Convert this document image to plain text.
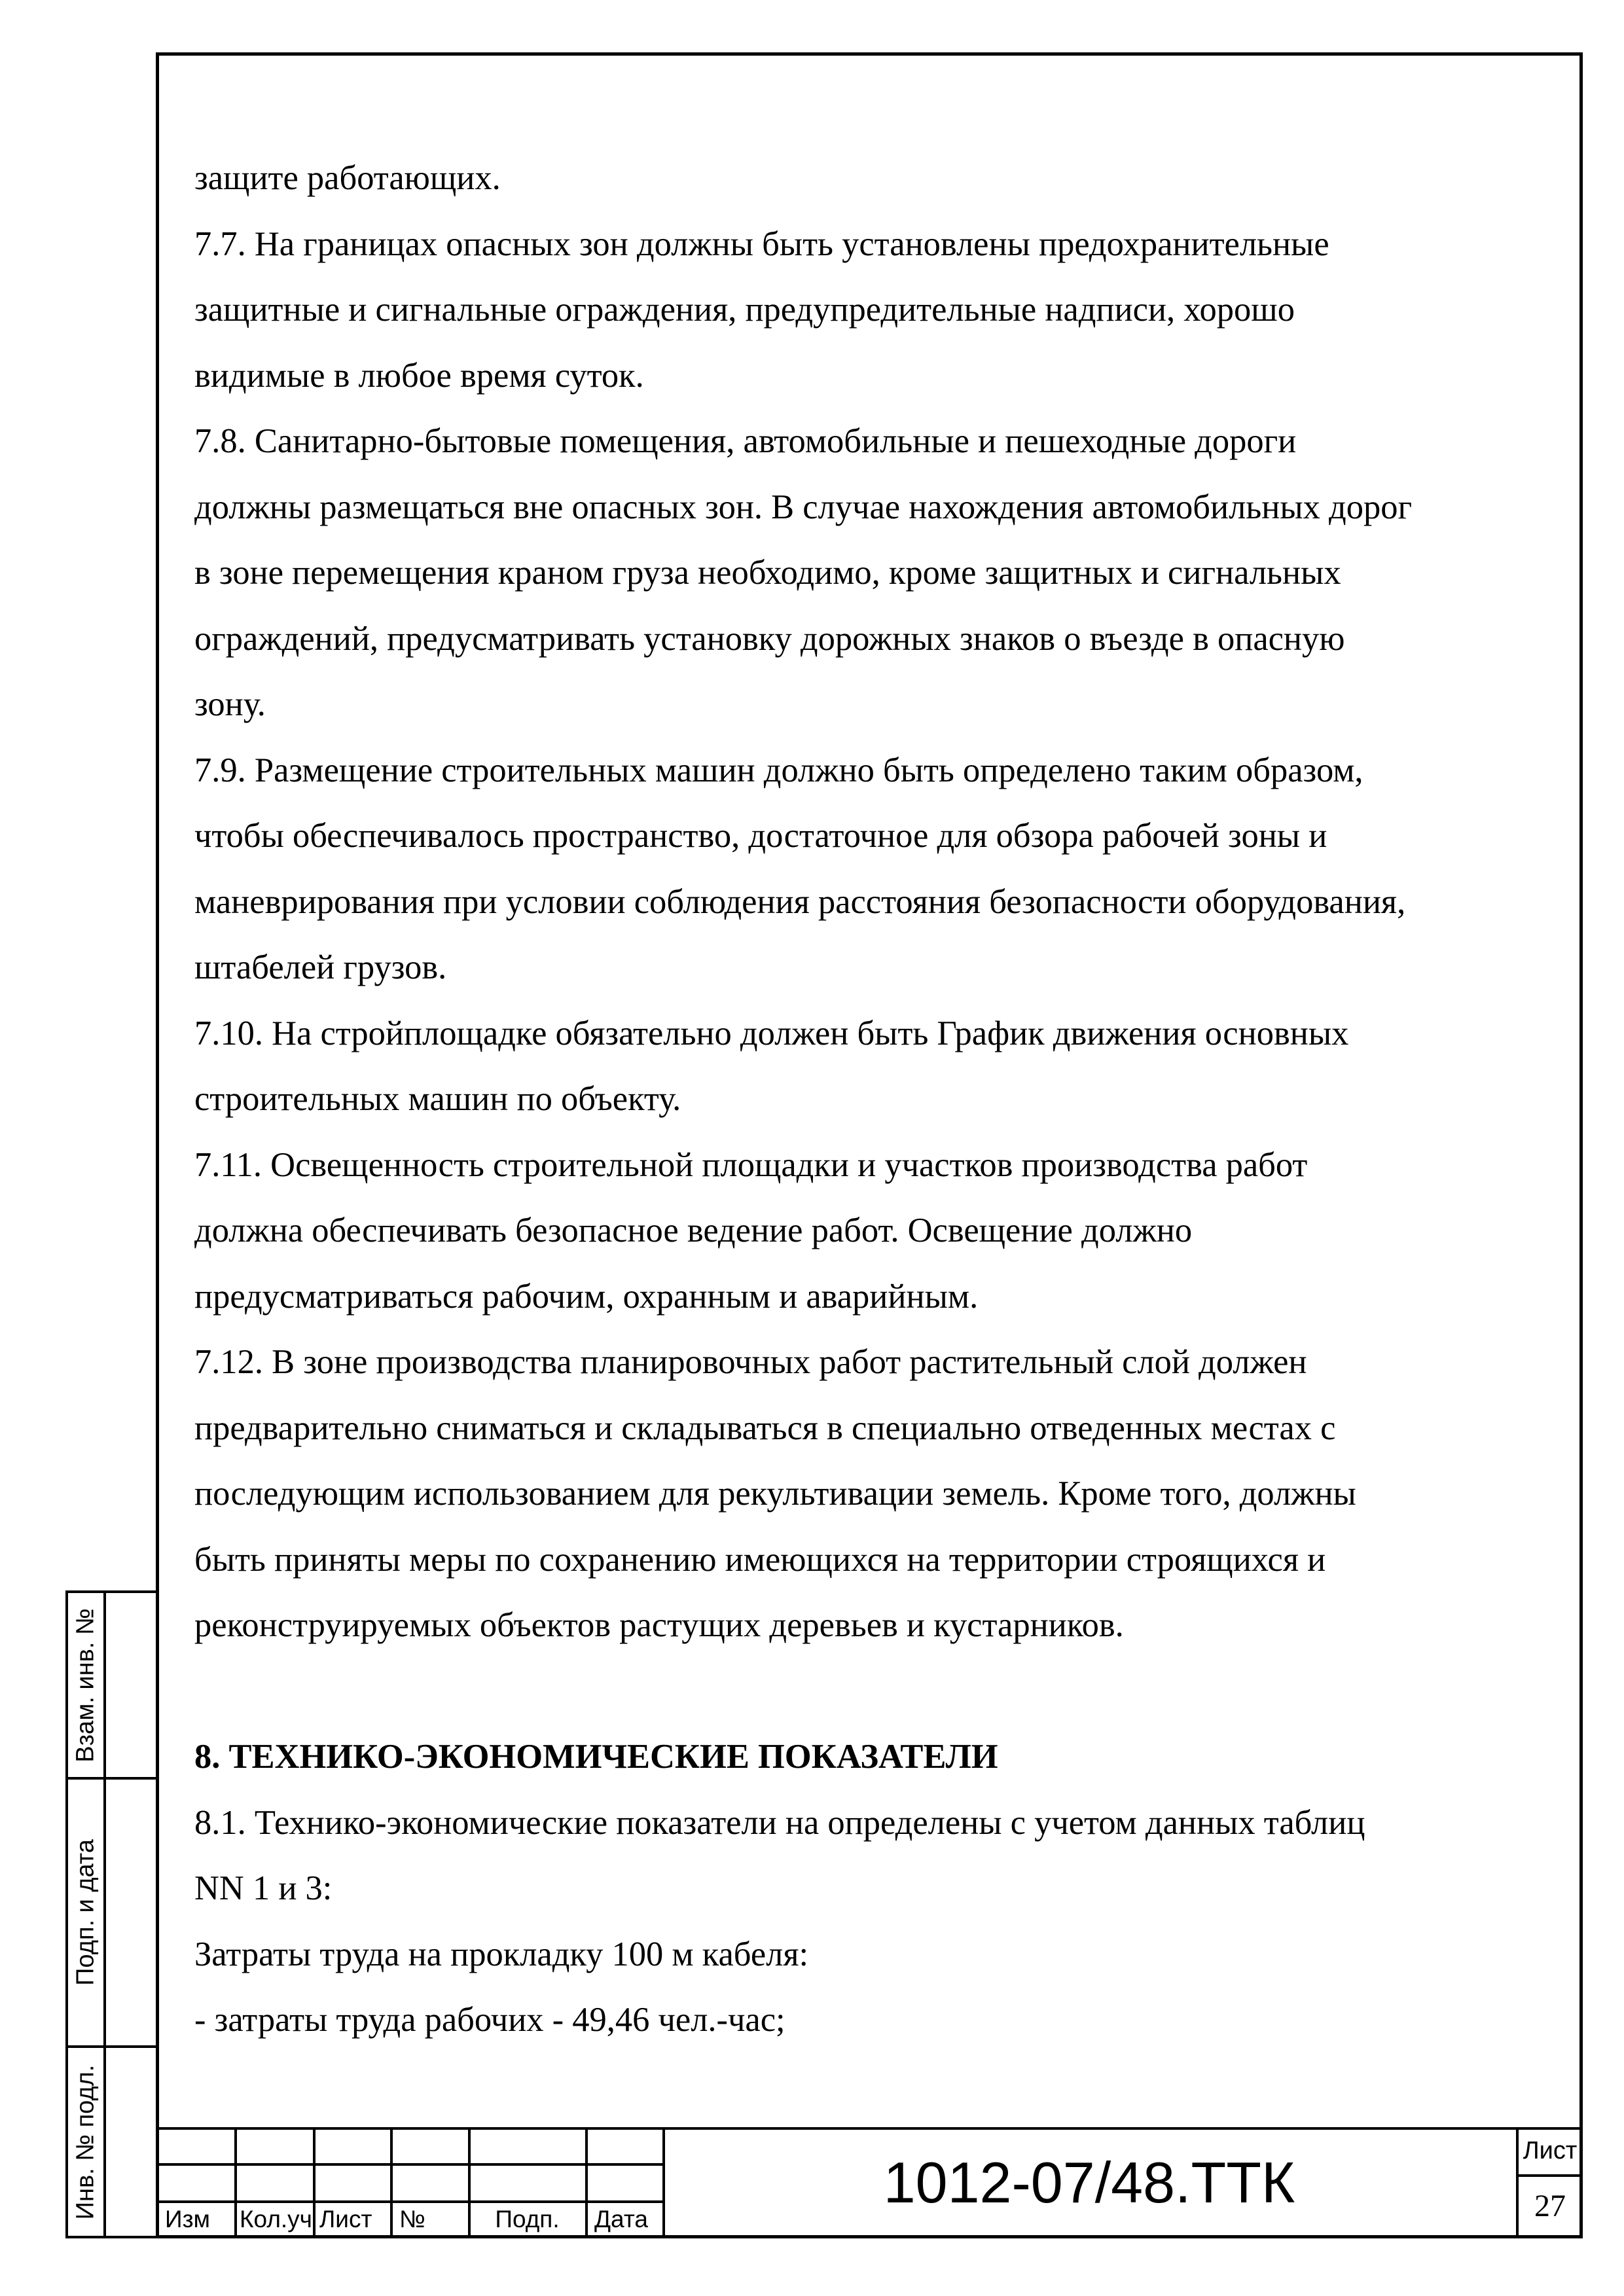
защите работающих.

7.7. На границах опасных зон должны быть установлены предохранительные

защитные и сигнальные ограждения, предупредительные надписи, хорошо

видимые в любое время суток.

7.8. Санитарно-бытовые помещения, автомобильные и пешеходные дороги

должны размещаться вне опасных зон. В случае нахождения автомобильных дорог

в зоне перемещения краном груза необходимо, кроме защитных и сигнальных

ограждений, предусматривать установку дорожных знаков о въезде в опасную

зону.

7.9. Размещение строительных машин должно быть определено таким образом,

чтобы обеспечивалось пространство, достаточное для обзора рабочей зоны и

маневрирования при условии соблюдения расстояния безопасности оборудования,

штабелей грузов.

7.10. На стройплощадке обязательно должен быть График движения основных

строительных машин по объекту.

7.11. Освещенность строительной площадки и участков производства работ

должна обеспечивать безопасное ведение работ. Освещение должно

предусматриваться рабочим, охранным и аварийным.

7.12. В зоне производства планировочных работ растительный слой должен

предварительно сниматься и складываться в специально отведенных местах с

последующим использованием для рекультивации земель. Кроме того, должны

быть приняты меры по сохранению имеющихся на территории строящихся и

реконструируемых объектов растущих деревьев и кустарников.

8. ТЕХНИКО-ЭКОНОМИЧЕСКИЕ ПОКАЗАТЕЛИ

8.1. Технико-экономические показатели на определены с учетом данных таблиц

NN 1 и 3:

Затраты труда на прокладку 100 м кабеля:

- затраты труда рабочих - 49,46 чел.-час;

Взам. инв. №
Подп. и дата
Инв. № подл.	Изм	Кол.уч Лист	№	Подп.	Дата
1012-07/48.ТТК	Лист
27
